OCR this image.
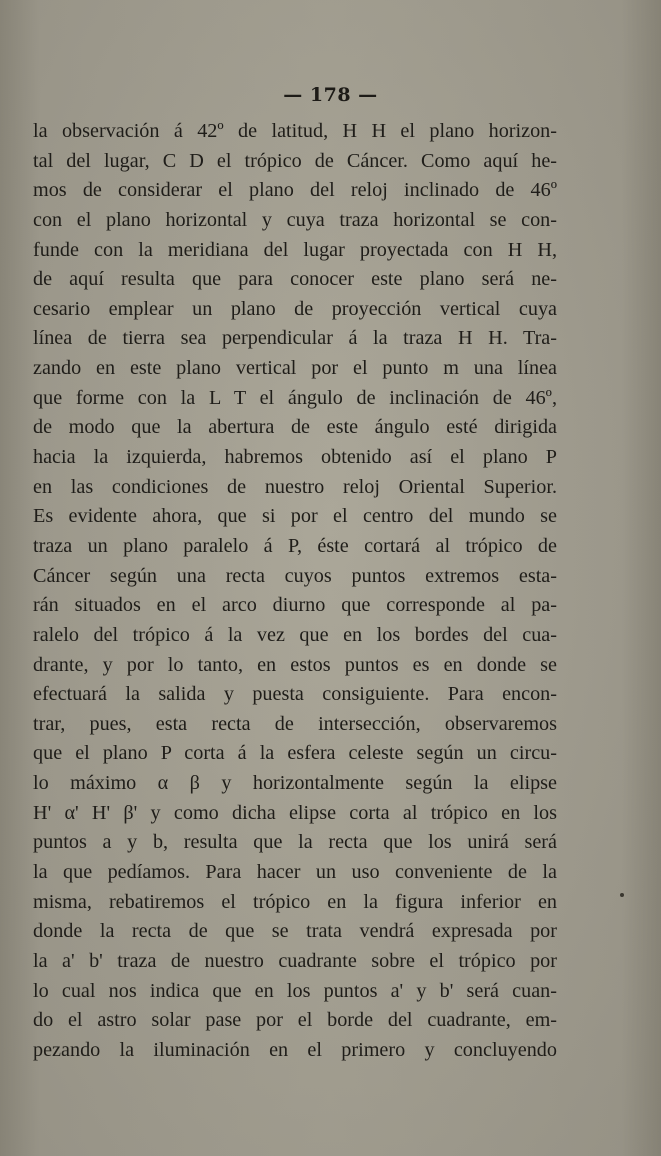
— 178 —
la observación á 42º de latitud, H H el plano horizon-
tal del lugar, C D el trópico de Cáncer. Como aquí he-
mos de considerar el plano del reloj inclinado de 46º
con el plano horizontal y cuya traza horizontal se con-
funde con la meridiana del lugar proyectada con H H,
de aquí resulta que para conocer este plano será ne-
cesario emplear un plano de proyección vertical cuya
línea de tierra sea perpendicular á la traza H H. Tra-
zando en este plano vertical por el punto m una línea
que forme con la L T el ángulo de inclinación de 46º,
de modo que la abertura de este ángulo esté dirigida
hacia la izquierda, habremos obtenido así el plano P
en las condiciones de nuestro reloj Oriental Superior.
Es evidente ahora, que si por el centro del mundo se
traza un plano paralelo á P, éste cortará al trópico de
Cáncer según una recta cuyos puntos extremos esta-
rán situados en el arco diurno que corresponde al pa-
ralelo del trópico á la vez que en los bordes del cua-
drante, y por lo tanto, en estos puntos es en donde se
efectuará la salida y puesta consiguiente. Para encon-
trar, pues, esta recta de intersección, observaremos
que el plano P corta á la esfera celeste según un circu-
lo máximo α β y horizontalmente según la elipse
H' α' H' β' y como dicha elipse corta al trópico en los
puntos a y b, resulta que la recta que los unirá será
la que pedíamos. Para hacer un uso conveniente de la
misma, rebatiremos el trópico en la figura inferior en
donde la recta de que se trata vendrá expresada por
la a' b' traza de nuestro cuadrante sobre el trópico por
lo cual nos indica que en los puntos a' y b' será cuan-
do el astro solar pase por el borde del cuadrante, em-
pezando la iluminación en el primero y concluyendo
